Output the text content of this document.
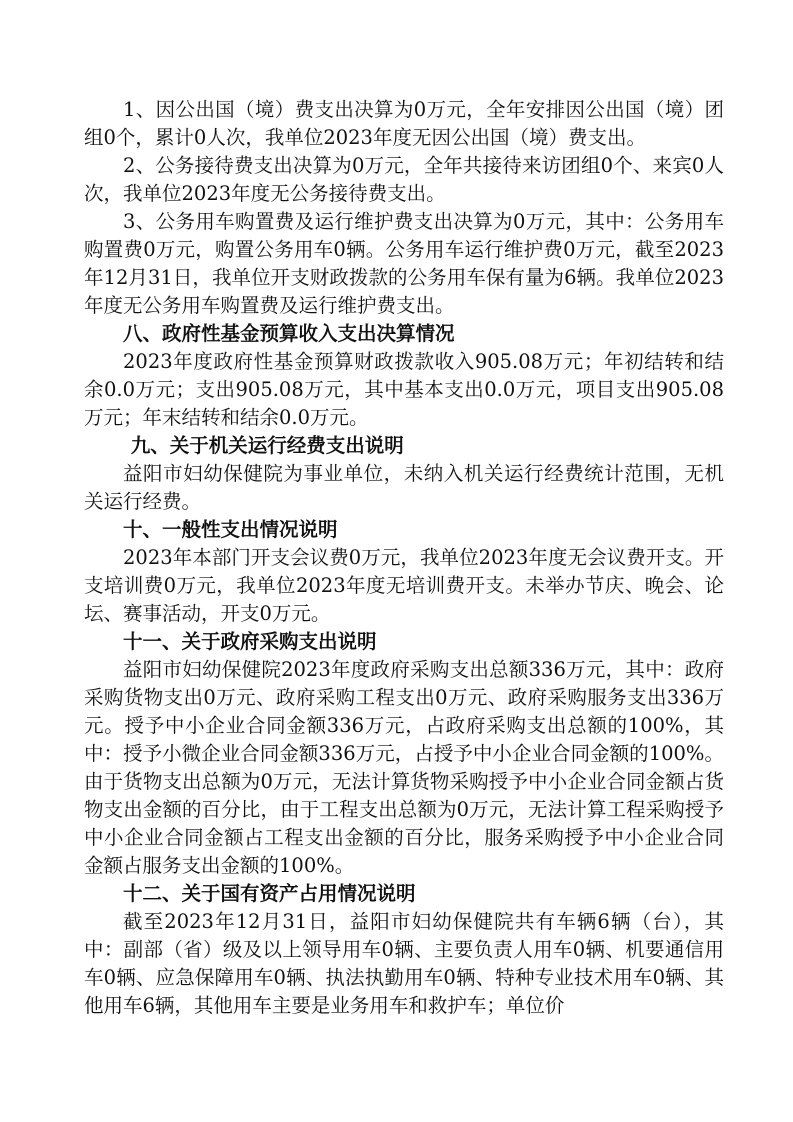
1、因公出国（境）费支出决算为0万元，全年安排因公出国（境）团组0个，累计0人次，我单位2023年度无因公出国（境）费支出。

2、公务接待费支出决算为0万元，全年共接待来访团组0个、来宾0人次，我单位2023年度无公务接待费支出。

3、公务用车购置费及运行维护费支出决算为0万元，其中：公务用车购置费0万元，购置公务用车0辆。公务用车运行维护费0万元，截至2023年12月31日，我单位开支财政拨款的公务用车保有量为6辆。我单位2023年度无公务用车购置费及运行维护费支出。

八、政府性基金预算收入支出决算情况

2023年度政府性基金预算财政拨款收入905.08万元；年初结转和结余0.0万元；支出905.08万元，其中基本支出0.0万元，项目支出905.08万元；年末结转和结余0.0万元。

九、关于机关运行经费支出说明

益阳市妇幼保健院为事业单位，未纳入机关运行经费统计范围，无机关运行经费。

十、一般性支出情况说明

2023年本部门开支会议费0万元，我单位2023年度无会议费开支。开支培训费0万元，我单位2023年度无培训费开支。未举办节庆、晚会、论坛、赛事活动，开支0万元。

十一、关于政府采购支出说明

益阳市妇幼保健院2023年度政府采购支出总额336万元，其中：政府采购货物支出0万元、政府采购工程支出0万元、政府采购服务支出336万元。授予中小企业合同金额336万元，占政府采购支出总额的100%，其中：授予小微企业合同金额336万元，占授予中小企业合同金额的100%。由于货物支出总额为0万元，无法计算货物采购授予中小企业合同金额占货物支出金额的百分比，由于工程支出总额为0万元，无法计算工程采购授予中小企业合同金额占工程支出金额的百分比，服务采购授予中小企业合同金额占服务支出金额的100%。

十二、关于国有资产占用情况说明

截至2023年12月31日，益阳市妇幼保健院共有车辆6辆（台），其中：副部（省）级及以上领导用车0辆、主要负责人用车0辆、机要通信用车0辆、应急保障用车0辆、执法执勤用车0辆、特种专业技术用车0辆、其他用车6辆，其他用车主要是业务用车和救护车；单位价
